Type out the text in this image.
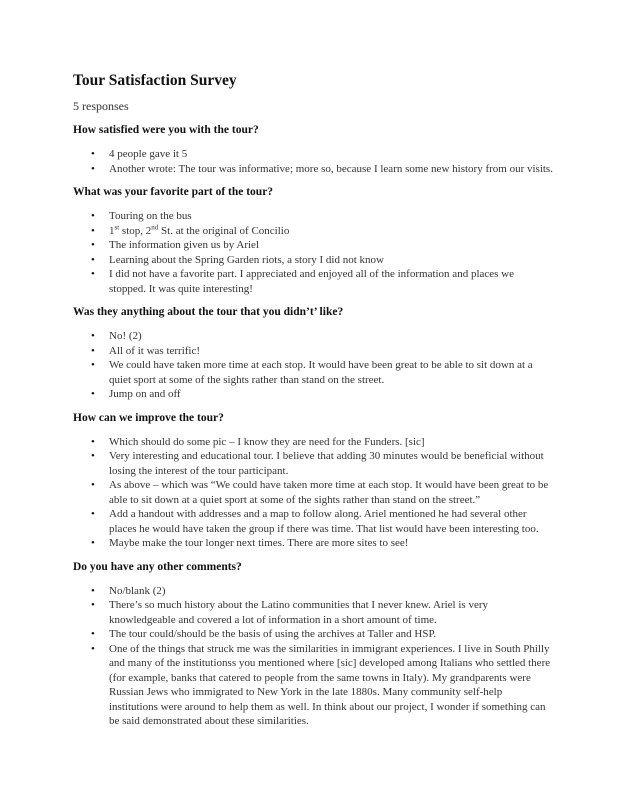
Tour Satisfaction Survey
5 responses
How satisfied were you with the tour?
• 4 people gave it 5
• Another wrote: The tour was informative; more so, because I learn some new history from our visits.
What was your favorite part of the tour?
• Touring on the bus
• 1st stop, 2nd St. at the original of Concilio
• The information given us by Ariel
• Learning about the Spring Garden riots, a story I did not know
• I did not have a favorite part. I appreciated and enjoyed all of the information and places we stopped. It was quite interesting!
Was they anything about the tour that you didn’t’ like?
• No! (2)
• All of it was terrific!
• We could have taken more time at each stop. It would have been great to be able to sit down at a quiet sport at some of the sights rather than stand on the street.
• Jump on and off
How can we improve the tour?
• Which should do some pic – I know they are need for the Funders. [sic]
• Very interesting and educational tour. I believe that adding 30 minutes would be beneficial without losing the interest of the tour participant.
• As above – which was “We could have taken more time at each stop. It would have been great to be able to sit down at a quiet sport at some of the sights rather than stand on the street.”
• Add a handout with addresses and a map to follow along. Ariel mentioned he had several other places he would have taken the group if there was time. That list would have been interesting too.
• Maybe make the tour longer next times. There are more sites to see!
Do you have any other comments?
• No/blank (2)
• There’s so much history about the Latino communities that I never knew. Ariel is very knowledgeable and covered a lot of information in a short amount of time.
• The tour could/should be the basis of using the archives at Taller and HSP.
• One of the things that struck me was the similarities in immigrant experiences. I live in South Philly and many of the institutionss you mentioned where [sic] developed among Italians who settled there (for example, banks that catered to people from the same towns in Italy). My grandparents were Russian Jews who immigrated to New York in the late 1880s. Many community self-help institutions were around to help them as well. In think about our project, I wonder if something can be said demonstrated about these similarities.
